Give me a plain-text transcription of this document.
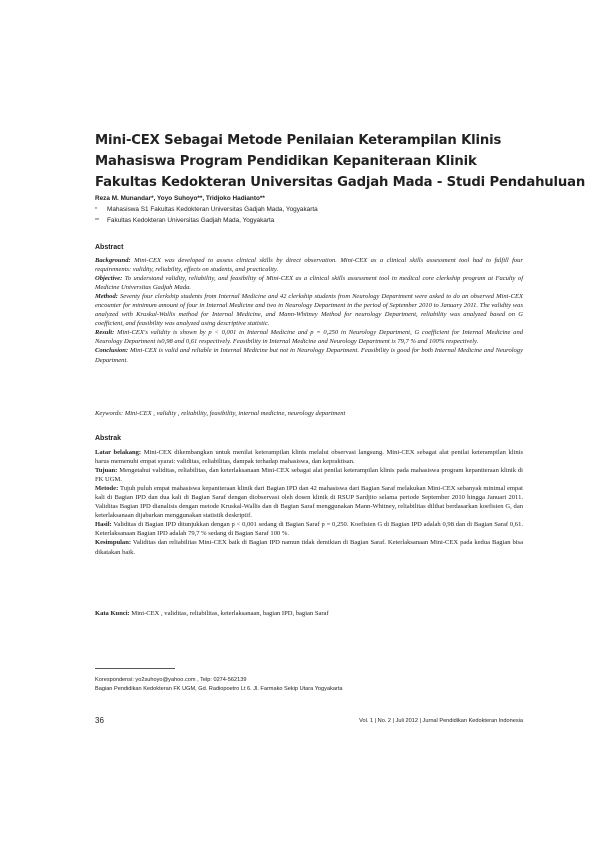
Mini-CEX Sebagai Metode Penilaian Keterampilan Klinis
Mahasiswa Program Pendidikan Kepaniteraan Klinik
Fakultas Kedokteran Universitas Gadjah Mada - Studi Pendahuluan
Reza M. Munandar*, Yoyo Suhoyo**, Tridjoko Hadianto**
* Mahasiswa S1 Fakultas Kedokteran Universitas Gadjah Mada, Yogyakarta
** Fakultas Kedokteran Universitas Gadjah Mada, Yogyakarta
Abstract
Background: Mini-CEX was developed to assess clinical skills by direct observation. Mini-CEX as a clinical skills assessment tool had to fulfill four requirements: validity, reliability, effects on students, and practicality.
Objective: To understand validity, reliability, and feasibility of Mini-CEX as a clinical skills assessment tool in medical core clerkship program at Faculty of Medicine Universitas Gadjah Mada.
Method: Seventy four clerkship students from Internal Medicine and 42 clerkship students from Neurology Department were asked to do an observed Mini-CEX encounter for minimum amount of four in Internal Medicine and two in Neurology Department in the period of September 2010 to January 2011. The validity was analyzed with Kruskal-Wallis method for Internal Medicine, and Mann-Whitney Method for neurology Department, reliability was analyzed based on G coefficient, and feasibility was analyzed using descriptive statistic.
Result: Mini-CEX's validity is shown by p < 0,001 in Internal Medicine and p = 0,250 in Neurology Department, G coefficient for Internal Medicine and Neurology Department is0,98 and 0,61 respectively. Feasibility in Internal Medicine and Neurology Department is 79,7 % and 100% respectively.
Conclusion: Mini-CEX is valid and reliable in Internal Medicine but not in Neurology Department. Feasibility is good for both Internal Medicine and Neurology Department.
Keywords: Mini-CEX , validity , reliability, feasibility, internal medicine, neurology department
Abstrak
Latar belakang: Mini-CEX dikembangkan untuk menilai keterampilan klinis melalui observasi langsung. Mini-CEX sebagai alat penilai keterampilan klinis harus memenuhi empat syarat: validitas, reliabilitas, dampak terhadap mahasiswa, dan kepraktisan.
Tujuan: Mengetahui validitas, reliabilitas, dan keterlaksanaan Mini-CEX sebagai alat penilai keterampilan klinis pada mahasiswa program kepaniteraan klinik di FK UGM.
Metode: Tujuh puluh empat mahasiswa kepaniteraan klinik dari Bagian IPD dan 42 mahasiswa dari Bagian Saraf melakukan Mini-CEX sebanyak minimal empat kali di Bagian IPD dan dua kali di Bagian Saraf dengan diobservasi oleh dosen klinik di RSUP Sardjito selama periode September 2010 hingga Januari 2011. Validitas Bagian IPD dianalisis dengan metode Kruskal-Wallis dan di Bagian Saraf menggunakan Mann-Whitney, reliabilitas dilihat berdasarkan koefisien G, dan keterlaksanaan dijabarkan menggunakan statistik deskriptif.
Hasil: Validitas di Bagian IPD ditunjukkan dengan p < 0,001 sedang di Bagian Saraf p = 0,250. Koefisien G di Bagian IPD adalah 0,98 dan di Bagian Saraf 0,61. Keterlaksanaan Bagian IPD adalah 79,7 % sedang di Bagian Saraf 100 %.
Kesimpulan: Validitas dan reliabilitas Mini-CEX baik di Bagian IPD namun tidak demikian di Bagian Saraf. Keterlaksanaan Mini-CEX pada kedua Bagian bisa dikatakan baik.
Kata Kunci: Mini-CEX , validitas, reliabilitas, keterlaksanaan, bagian IPD, bagian Saraf
Korespondensi: yo2suhoyo@yahoo.com , Telp: 0274-562139
Bagian Pendidikan Kedokteran FK UGM, Gd. Radiopoetro Lt 6. Jl. Farmako Sekip Utara Yogyakarta
36	Vol. 1 | No. 2 | Juli 2012 | Jurnal Pendidikan Kedokteran Indonesia
